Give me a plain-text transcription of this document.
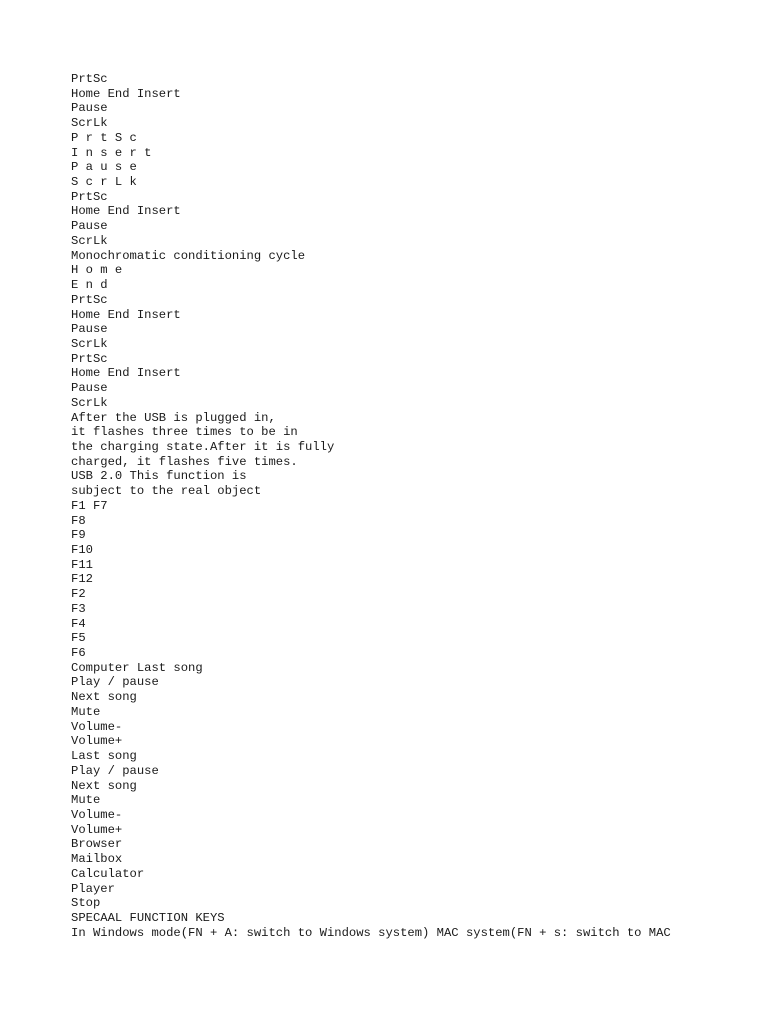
PrtSc
Home End Insert
Pause
ScrLk
P r t S c
I n s e r t
P a u s e
S c r L k
PrtSc
Home End Insert
Pause
ScrLk
Monochromatic conditioning cycle
H o m e
E n d
PrtSc
Home End Insert
Pause
ScrLk
PrtSc
Home End Insert
Pause
ScrLk
After the USB is plugged in,
it flashes three times to be in
the charging state.After it is fully
charged, it flashes five times.
USB 2.0 This function is
subject to the real object
F1 F7
F8
F9
F10
F11
F12
F2
F3
F4
F5
F6
Computer Last song
Play / pause
Next song
Mute
Volume-
Volume+
Last song
Play / pause
Next song
Mute
Volume-
Volume+
Browser
Mailbox
Calculator
Player
Stop
SPECAAL FUNCTION KEYS
In Windows mode(FN + A: switch to Windows system) MAC system(FN + s: switch to MAC
